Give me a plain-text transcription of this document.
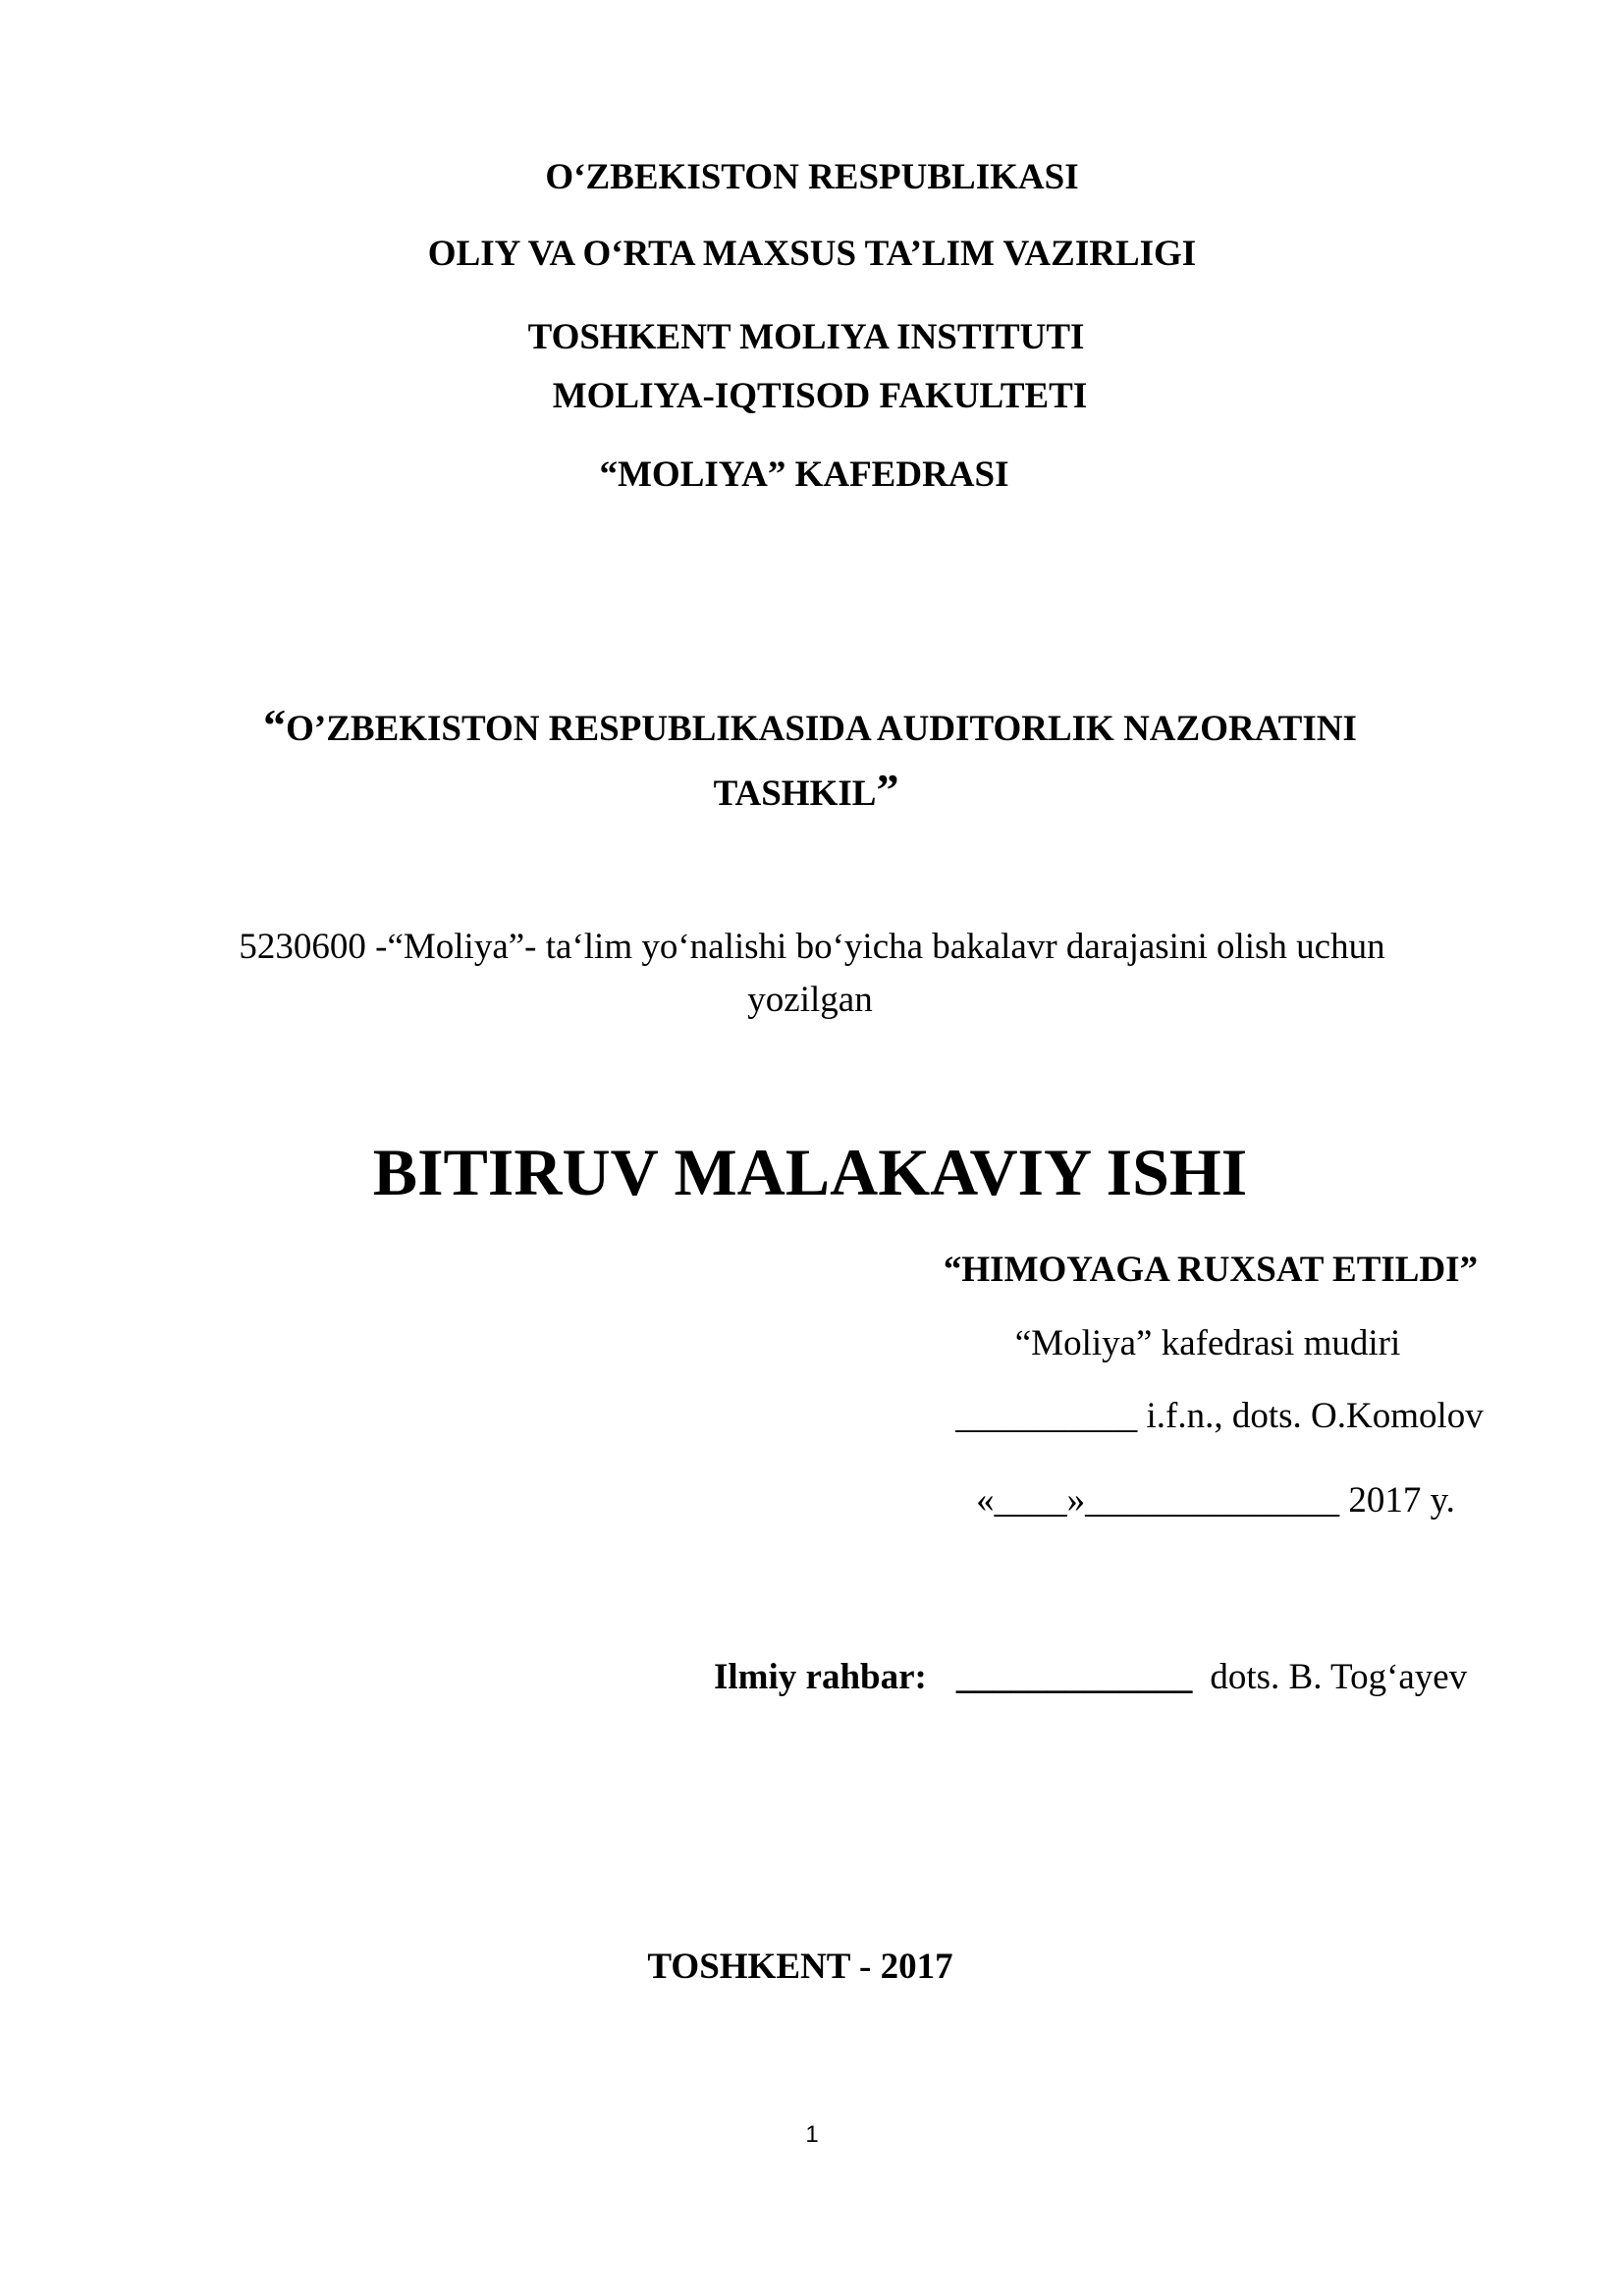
O‘ZBEKISTON RESPUBLIKASI
OLIY VA O‘RTA MAXSUS TA’LIM VAZIRLIGI
TOSHKENT MOLIYA INSTITUTI
MOLIYA-IQTISOD FAKULTETI
“MOLIYA” KAFEDRASI
“O’ZBEKISTON RESPUBLIKASIDA AUDITORLIK NAZORATINI
TASHKIL”
5230600 -“Moliya”- ta‘lim yo‘nalishi bo‘yicha bakalavr darajasini olish uchun
yozilgan
BITIRUV MALAKAVIY ISHI
“HIMOYAGA RUXSAT ETILDI”
“Moliya” kafedrasi mudiri
__________ i.f.n., dots. O.Komolov
«____»______________ 2017 y.
Ilmiy rahbar: _____________ dots. B. Tog‘ayev
TOSHKENT - 2017
1
